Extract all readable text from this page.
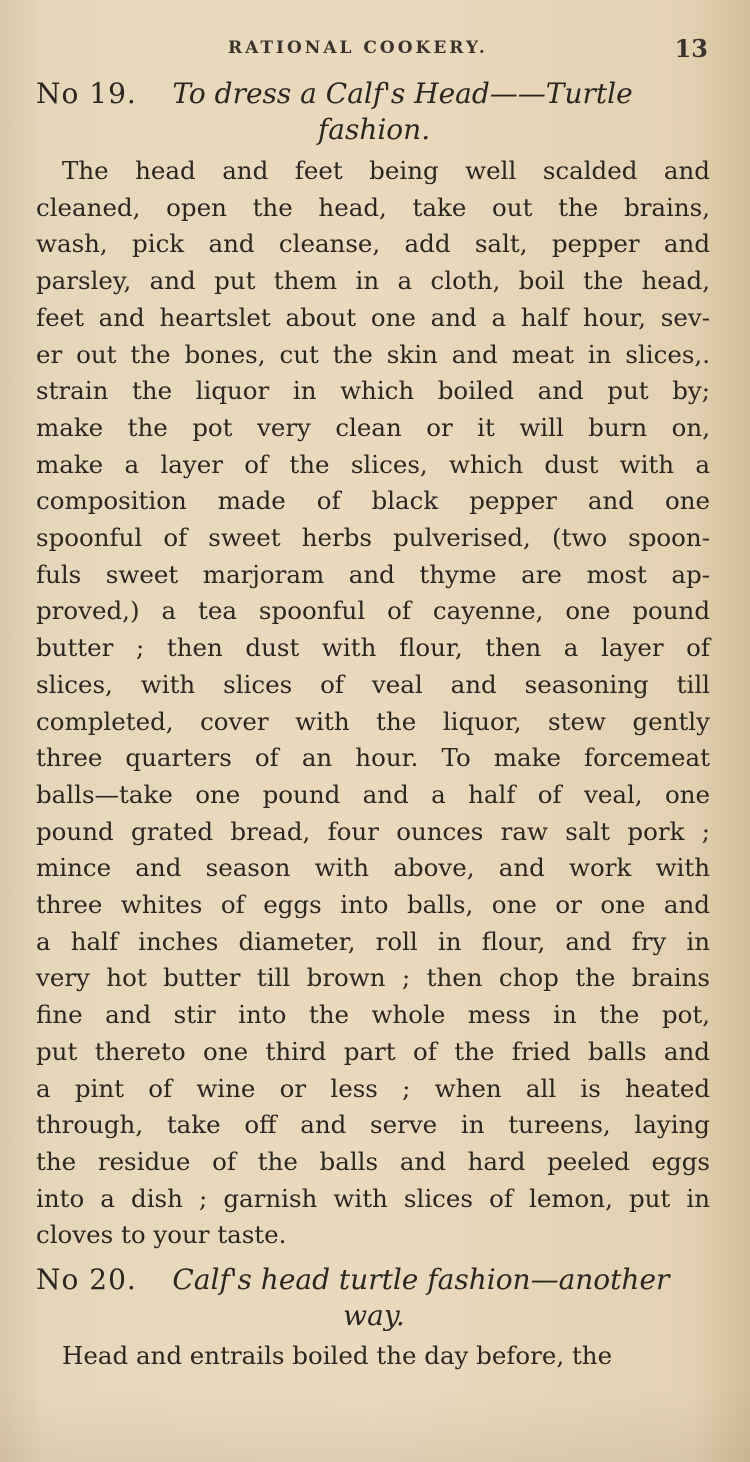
RATIONAL COOKERY.	13
No 19. To dress a Calf's Head——Turtle
fashion.
The head and feet being well scalded and
cleaned, open the head, take out the brains,
wash, pick and cleanse, add salt, pepper and
parsley, and put them in a cloth, boil the head,
feet and heartslet about one and a half hour, sev-
er out the bones, cut the skin and meat in slices,.
strain the liquor in which boiled and put by;
make the pot very clean or it will burn on,
make a layer of the slices, which dust with a
composition made of black pepper and one
spoonful of sweet herbs pulverised, (two spoon-
fuls sweet marjoram and thyme are most ap-
proved,) a tea spoonful of cayenne, one pound
butter ; then dust with flour, then a layer of
slices, with slices of veal and seasoning till
completed, cover with the liquor, stew gently
three quarters of an hour. To make forcemeat
balls—take one pound and a half of veal, one
pound grated bread, four ounces raw salt pork ;
mince and season with above, and work with
three whites of eggs into balls, one or one and
a half inches diameter, roll in flour, and fry in
very hot butter till brown ; then chop the brains
fine and stir into the whole mess in the pot,
put thereto one third part of the fried balls and
a pint of wine or less ; when all is heated
through, take off and serve in tureens, laying
the residue of the balls and hard peeled eggs
into a dish ; garnish with slices of lemon, put in
cloves to your taste.
No 20. Calf's head turtle fashion—another
way.
Head and entrails boiled the day before, the
